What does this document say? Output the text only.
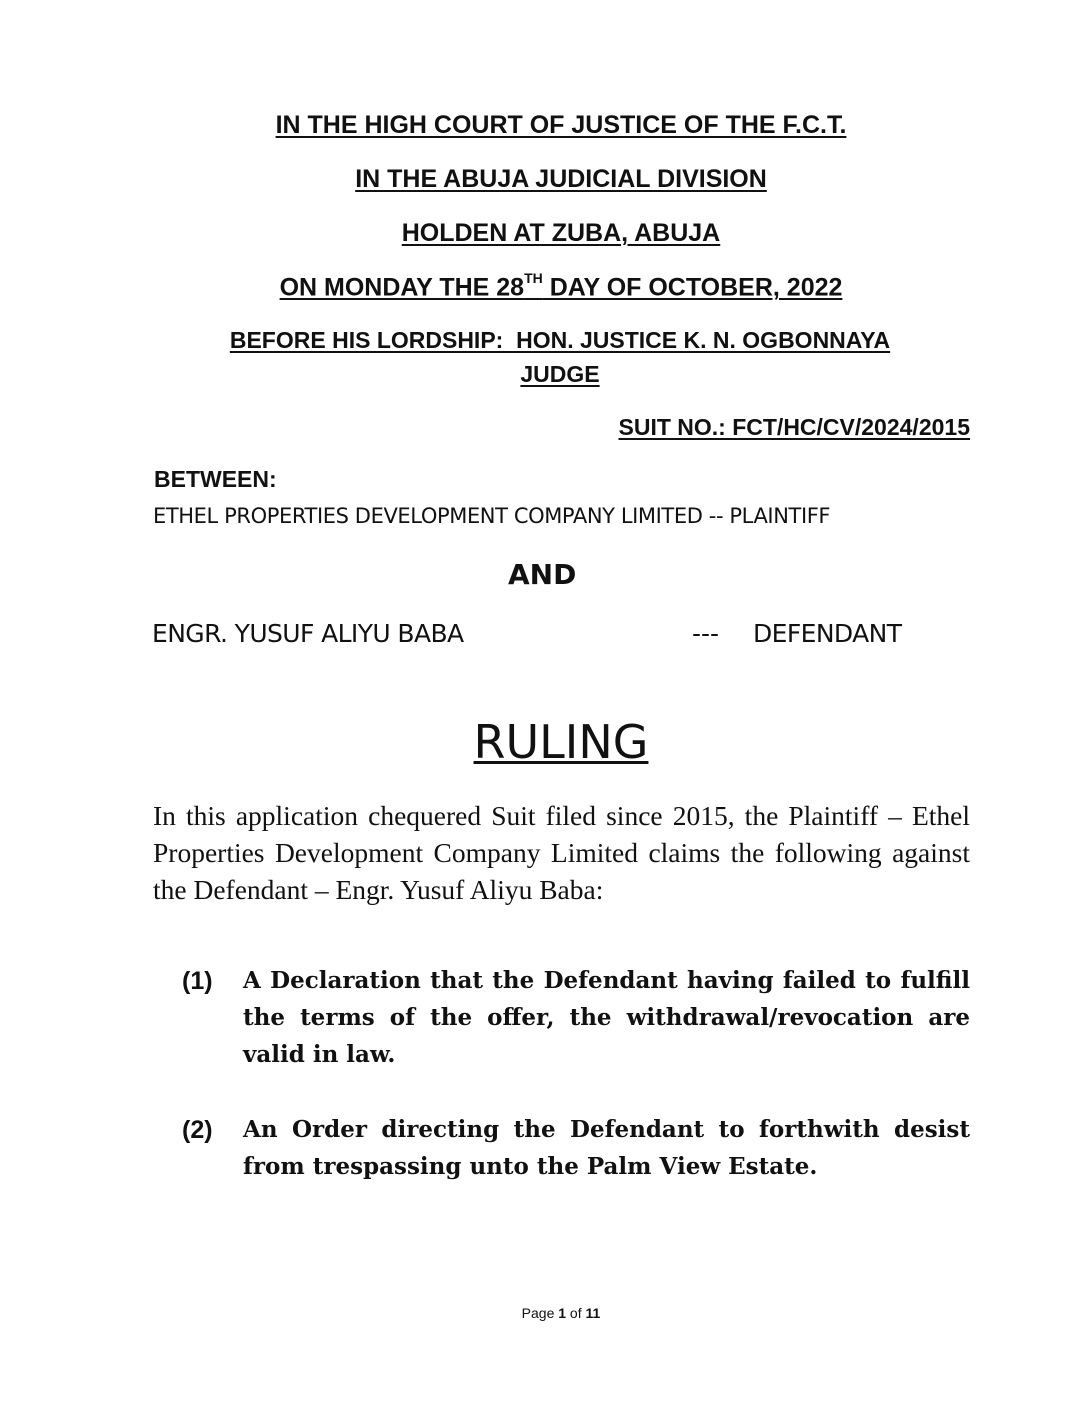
IN THE HIGH COURT OF JUSTICE OF THE F.C.T.
IN THE ABUJA JUDICIAL DIVISION
HOLDEN AT ZUBA, ABUJA
ON MONDAY THE 28TH DAY OF OCTOBER, 2022
BEFORE HIS LORDSHIP:  HON. JUSTICE K. N. OGBONNAYA
JUDGE
SUIT NO.: FCT/HC/CV/2024/2015
BETWEEN:
ETHEL PROPERTIES DEVELOPMENT COMPANY LIMITED -- PLAINTIFF
AND
ENGR. YUSUF ALIYU BABA	--- DEFENDANT
RULING
In this application chequered Suit filed since 2015, the Plaintiff – Ethel Properties Development Company Limited claims the following against the Defendant – Engr. Yusuf Aliyu Baba:
(1) A Declaration that the Defendant having failed to fulfill the terms of the offer, the withdrawal/revocation are valid in law.
(2) An Order directing the Defendant to forthwith desist from trespassing unto the Palm View Estate.
Page 1 of 11
